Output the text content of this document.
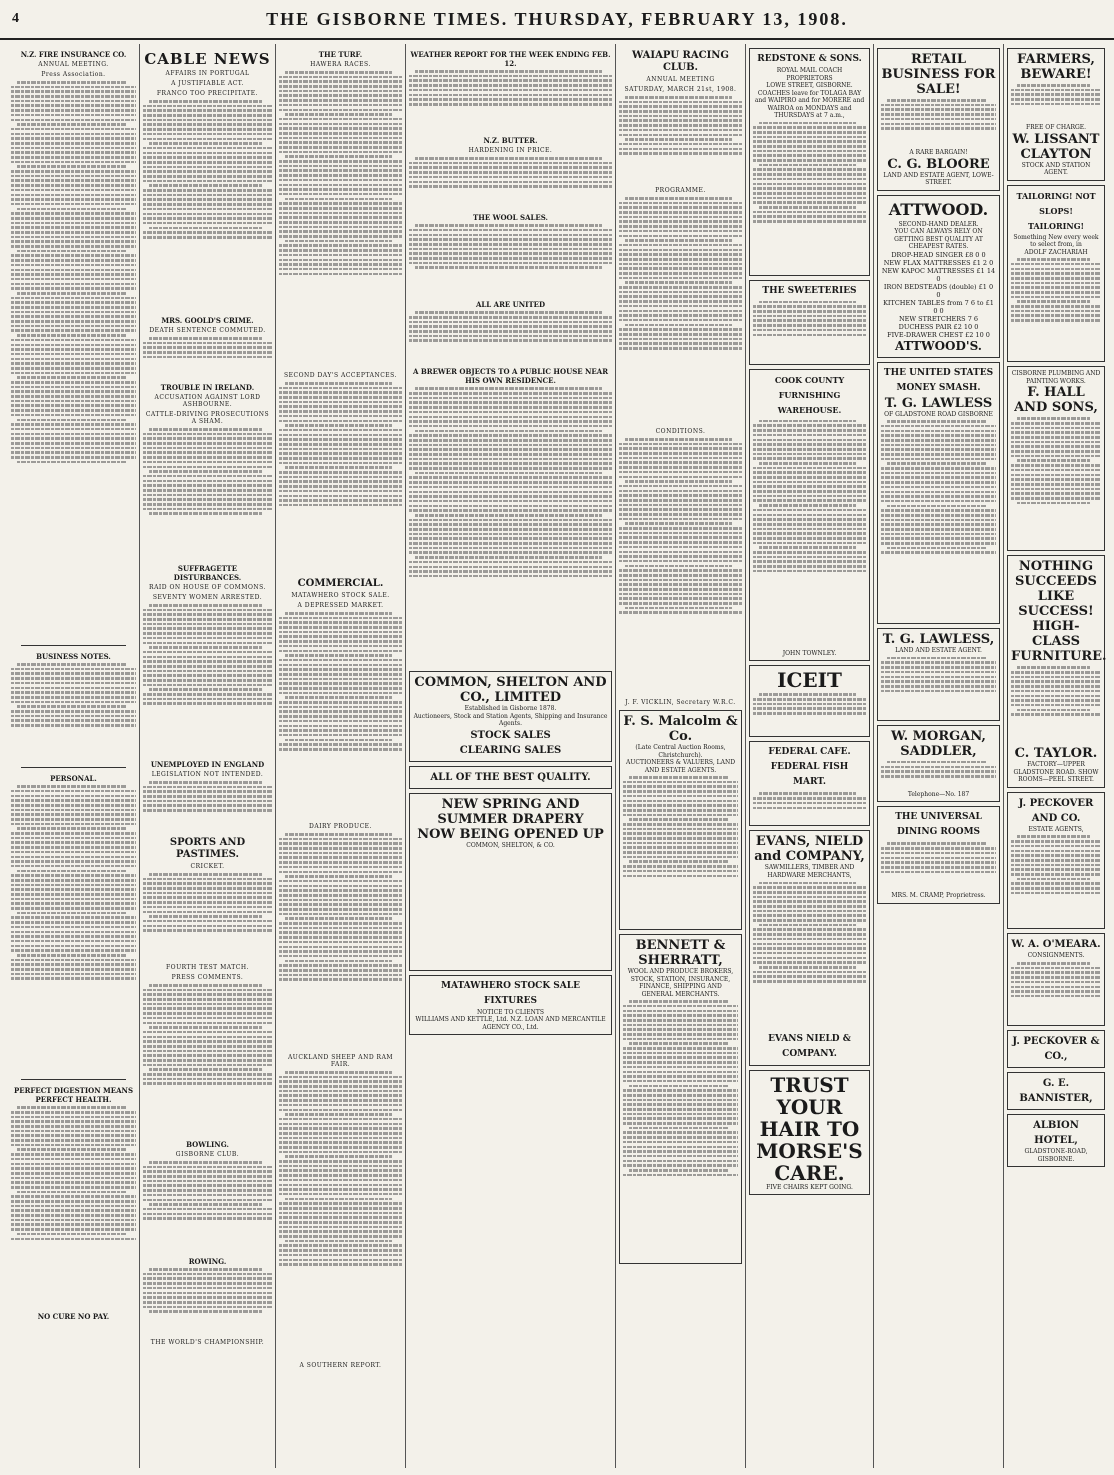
4	THE GISBORNE TIMES. THURSDAY, FEBRUARY 13, 1908.
N.Z. FIRE INSURANCE CO.
ANNUAL MEETING.
Press Association.
BUSINESS NOTES.
PERSONAL.
PERFECT DIGESTION MEANS PERFECT HEALTH.
NO CURE NO PAY.
CABLE NEWS
AFFAIRS IN PORTUGAL
A JUSTIFIABLE ACT.
FRANCO TOO PRECIPITATE.
MRS. GOOLD'S CRIME.
DEATH SENTENCE COMMUTED.
TROUBLE IN IRELAND.
ACCUSATION AGAINST LORD ASHBOURNE.
CATTLE-DRIVING PROSECUTIONS A SHAM.
SUFFRAGETTE DISTURBANCES.
RAID ON HOUSE OF COMMONS.
SEVENTY WOMEN ARRESTED.
UNEMPLOYED IN ENGLAND
LEGISLATION NOT INTENDED.
SPORTS AND PASTIMES.
CRICKET.
FOURTH TEST MATCH.
PRESS COMMENTS.
BOWLING.
GISBORNE CLUB.
ROWING.
THE WORLD'S CHAMPIONSHIP.
THE TURF.
HAWERA RACES.
SECOND DAY'S ACCEPTANCES.
COMMERCIAL.
MATAWHERO STOCK SALE.
A DEPRESSED MARKET.
DAIRY PRODUCE.
AUCKLAND SHEEP AND RAM FAIR.
A SOUTHERN REPORT.
WEATHER REPORT FOR THE WEEK ENDING FEB. 12.
N.Z. BUTTER.
HARDENING IN PRICE.
THE WOOL SALES.
ALL ARE UNITED
A BREWER OBJECTS TO A PUBLIC HOUSE NEAR HIS OWN RESIDENCE.
COMMON, SHELTON AND CO., LIMITED
Established in Gisborne 1878.
Auctioneers, Stock and Station Agents, Shipping and Insurance Agents.
STOCK SALES
CLEARING SALES
ALL OF THE BEST QUALITY.
NEW SPRING AND SUMMER DRAPERY
NOW BEING OPENED UP
COMMON, SHELTON, & CO.
MATAWHERO STOCK SALE FIXTURES
NOTICE TO CLIENTS
WILLIAMS AND KETTLE, Ltd. N.Z. LOAN AND MERCANTILE AGENCY CO., Ltd.
WAIAPU RACING CLUB.
ANNUAL MEETING
SATURDAY, MARCH 21st, 1908.
PROGRAMME.
CONDITIONS.
J. F. VICKLIN, Secretary W.R.C.
F. S. Malcolm & Co.
(Late Central Auction Rooms, Christchurch).
AUCTIONEERS & VALUERS, LAND AND ESTATE AGENTS.
BENNETT & SHERRATT,
WOOL AND PRODUCE BROKERS, STOCK, STATION, INSURANCE, FINANCE, SHIPPING AND GENERAL MERCHANTS.
REDSTONE & SONS.
ROYAL MAIL COACH PROPRIETORS
LOWE STREET, GISBORNE.
COACHES leave for TOLAGA BAY and WAIPIRO and for MORERE and WAIROA on MONDAYS and THURSDAYS at 7 a.m.,
THE SWEETERIES
COOK COUNTY FURNISHING WAREHOUSE.
JOHN TOWNLEY.
ICEIT
FEDERAL CAFE.
FEDERAL FISH MART.
EVANS, NIELD and COMPANY,
SAWMILLERS, TIMBER AND HARDWARE MERCHANTS,
EVANS NIELD & COMPANY.
TRUST YOUR HAIR TO MORSE'S CARE.
FIVE CHAIRS KEPT GOING.
RETAIL BUSINESS FOR SALE!
A RARE BARGAIN!
C. G. BLOORE
LAND AND ESTATE AGENT, LOWE-STREET.
ATTWOOD.
SECOND-HAND DEALER.
YOU CAN ALWAYS RELY ON GETTING BEST QUALITY AT CHEAPEST RATES.
DROP-HEAD SINGER £8 0 0
NEW FLAX MATTRESSES £1 2 0
NEW KAPOC MATTRESSES £1 14 0
IRON BEDSTEADS (double) £1 0 0
KITCHEN TABLES from 7 6 to £1 0 0
NEW STRETCHERS 7 6
DUCHESS PAIR £2 10 0
FIVE-DRAWER CHEST £2 10 0
ATTWOOD'S.
THE UNITED STATES MONEY SMASH.
T. G. LAWLESS
OF GLADSTONE ROAD GISBORNE
T. G. LAWLESS,
LAND AND ESTATE AGENT.
W. MORGAN, SADDLER,
Telephone—No. 187
THE UNIVERSAL DINING ROOMS
MRS. M. CRAMP, Proprietress.
FARMERS, BEWARE!
FREE OF CHARGE.
W. LISSANT CLAYTON
STOCK AND STATION AGENT.
TAILORING! NOT SLOPS! TAILORING!
Something New every week to select from, in
ADOLF ZACHARIAH
CISBORNE PLUMBING AND PAINTING WORKS.
F. HALL AND SONS,
NOTHING SUCCEEDS LIKE SUCCESS!
HIGH-CLASS FURNITURE.
C. TAYLOR.
FACTORY—UPPER GLADSTONE ROAD. SHOW ROOMS—PEEL STREET.
J. PECKOVER AND CO.
ESTATE AGENTS,
W. A. O'MEARA.
CONSIGNMENTS.
J. PECKOVER & CO.,
G. E. BANNISTER,
ALBION HOTEL,
GLADSTONE-ROAD, GISBORNE.
